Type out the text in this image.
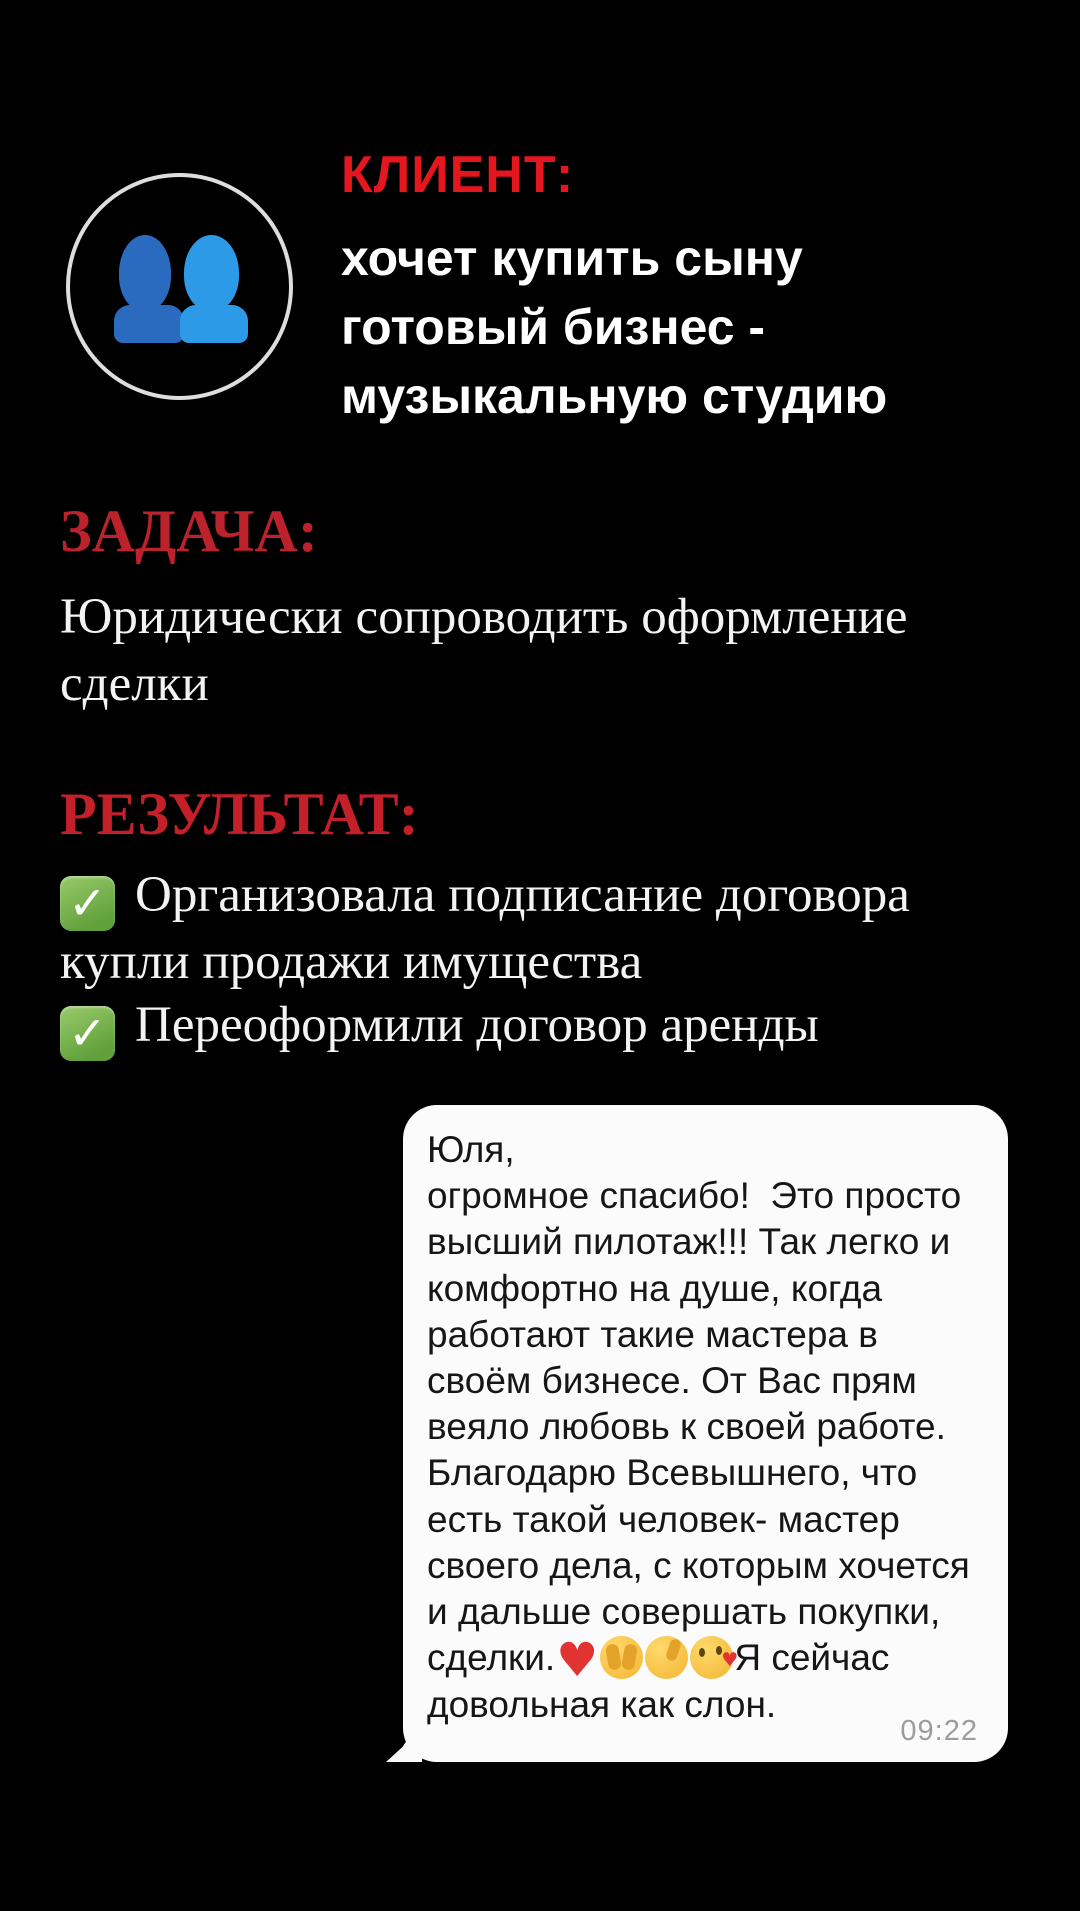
КЛИЕНТ:
хочет купить сыну
готовый бизнес -
музыкальную студию
ЗАДАЧА:
Юридически сопроводить оформление
сделки
РЕЗУЛЬТАТ:
✓ Организовала подписание договора
купли продажи имущества
✓ Переоформили договор аренды
Юля,
огромное спасибо!  Это просто
высший пилотаж!!! Так легко и
комфортно на душе, когда
работают такие мастера в
своём бизнесе. От Вас прям
веяло любовь к своей работе.
Благодарю Всевышнего, что
есть такой человек- мастер
своего дела, с которым хочется
и дальше совершать покупки,
сделки.♥ ♥	Я сейчас
довольная как слон.
09:22
